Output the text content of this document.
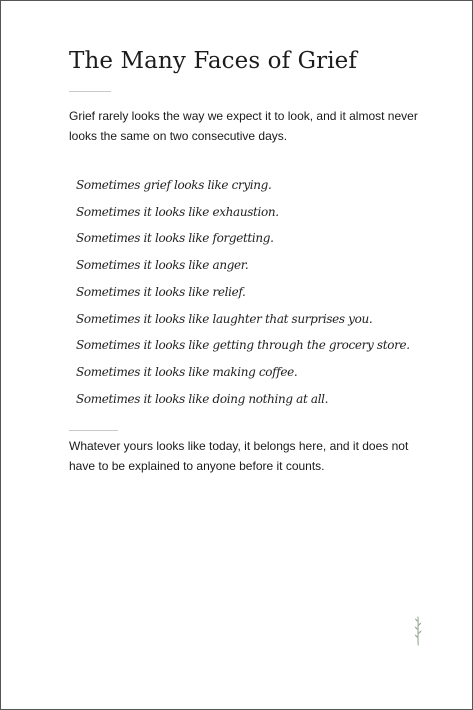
The Many Faces of Grief

Grief rarely looks the way we expect it to look, and it almost never looks the same on two consecutive days.

Sometimes grief looks like crying.
Sometimes it looks like exhaustion.
Sometimes it looks like forgetting.
Sometimes it looks like anger.
Sometimes it looks like relief.
Sometimes it looks like laughter that surprises you.
Sometimes it looks like getting through the grocery store.
Sometimes it looks like making coffee.
Sometimes it looks like doing nothing at all.

Whatever yours looks like today, it belongs here, and it does not have to be explained to anyone before it counts.
